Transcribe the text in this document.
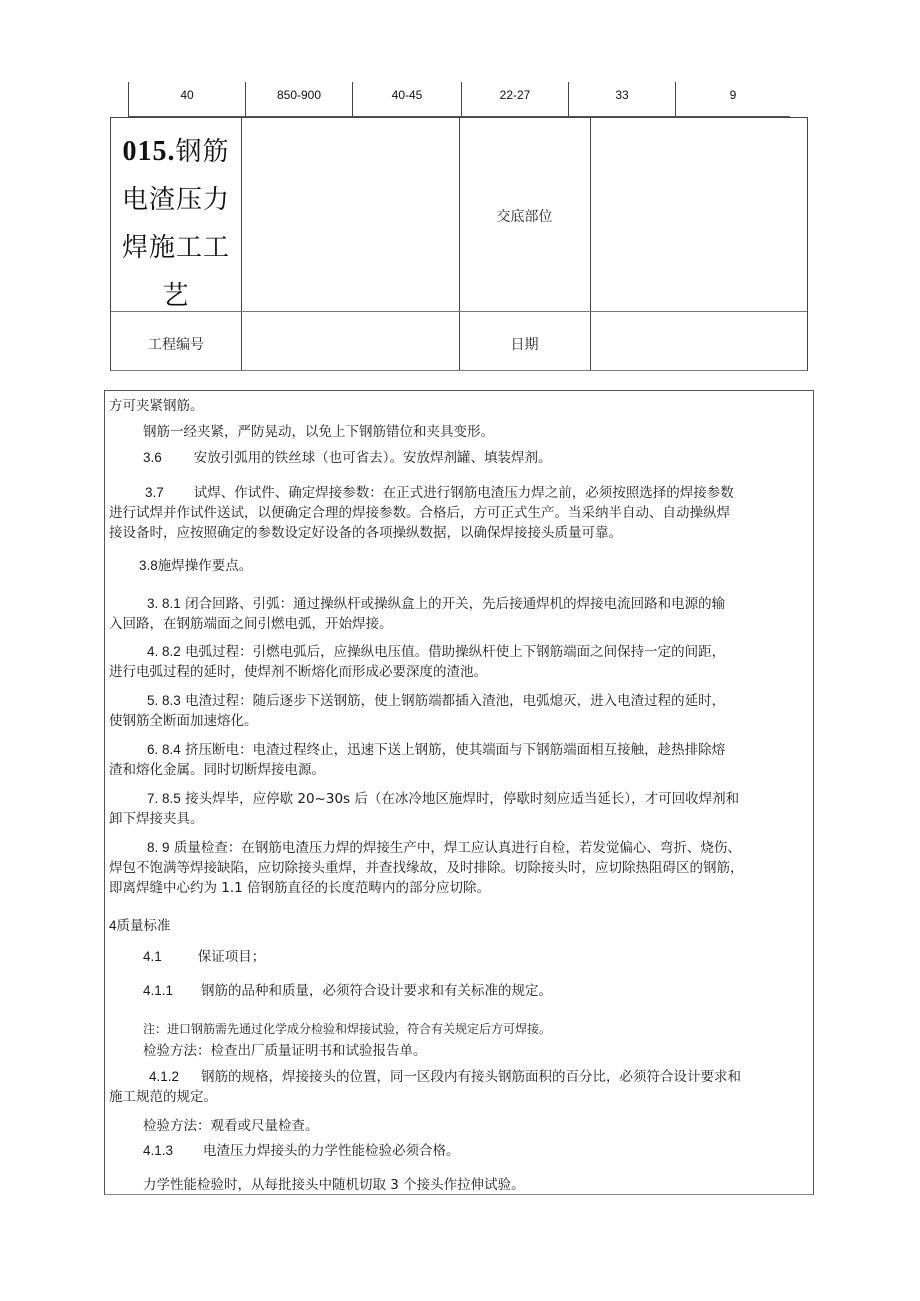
40	850-900	40-45	22-27	33	9
015.钢筋
电渣压力
焊施工工
艺
交底部位
工程编号	日期
方可夹紧钢筋。
钢筋一经夹紧，严防晃动，以免上下钢筋错位和夹具变形。
3.6 安放引弧用的铁丝球（也可省去）。安放焊剂罐、填装焊剂。
3.7 试焊、作试件、确定焊接参数：在正式进行钢筋电渣压力焊之前，必须按照选择的焊接参数
进行试焊并作试件送试，以便确定合理的焊接参数。合格后，方可正式生产。当采纳半自动、自动操纵焊
接设备时，应按照确定的参数设定好设备的各项操纵数据，以确保焊接接头质量可靠。
3.8施焊操作要点。
3. 8.1 闭合回路、引弧：通过操纵杆或操纵盒上的开关，先后接通焊机的焊接电流回路和电源的输
入回路，在钢筋端面之间引燃电弧，开始焊接。
4. 8.2 电弧过程：引燃电弧后，应操纵电压值。借助操纵杆使上下钢筋端面之间保持一定的间距，
进行电弧过程的延时，使焊剂不断熔化而形成必要深度的渣池。
5. 8.3 电渣过程：随后逐步下送钢筋，使上钢筋端都插入渣池，电弧熄灭，进入电渣过程的延时，
使钢筋全断面加速熔化。
6. 8.4 挤压断电：电渣过程终止，迅速下送上钢筋，使其端面与下钢筋端面相互接触，趁热排除熔
渣和熔化金属。同时切断焊接电源。
7. 8.5 接头焊毕，应停歇 20~30s 后（在冰冷地区施焊时，停歇时刻应适当延长），才可回收焊剂和
卸下焊接夹具。
8. 9 质量检查：在钢筋电渣压力焊的焊接生产中，焊工应认真进行自检，若发觉偏心、弯折、烧伤、
焊包不饱满等焊接缺陷，应切除接头重焊，并查找缘故，及时排除。切除接头时，应切除热阻碍区的钢筋，
即离焊缝中心约为 1.1 倍钢筋直径的长度范畴内的部分应切除。
4质量标准
4.1	保证项目；
4.1.1 钢筋的品种和质量，必须符合设计要求和有关标准的规定。
注：进口钢筋需先通过化学成分检验和焊接试验，符合有关规定后方可焊接。
检验方法：检查出厂质量证明书和试验报告单。
4.1.2 钢筋的规格，焊接接头的位置，同一区段内有接头钢筋面积的百分比，必须符合设计要求和
施工规范的规定。
检验方法：观看或尺量检查。
4.1.3 电渣压力焊接头的力学性能检验必须合格。
力学性能检验时，从每批接头中随机切取 3 个接头作拉伸试验。
